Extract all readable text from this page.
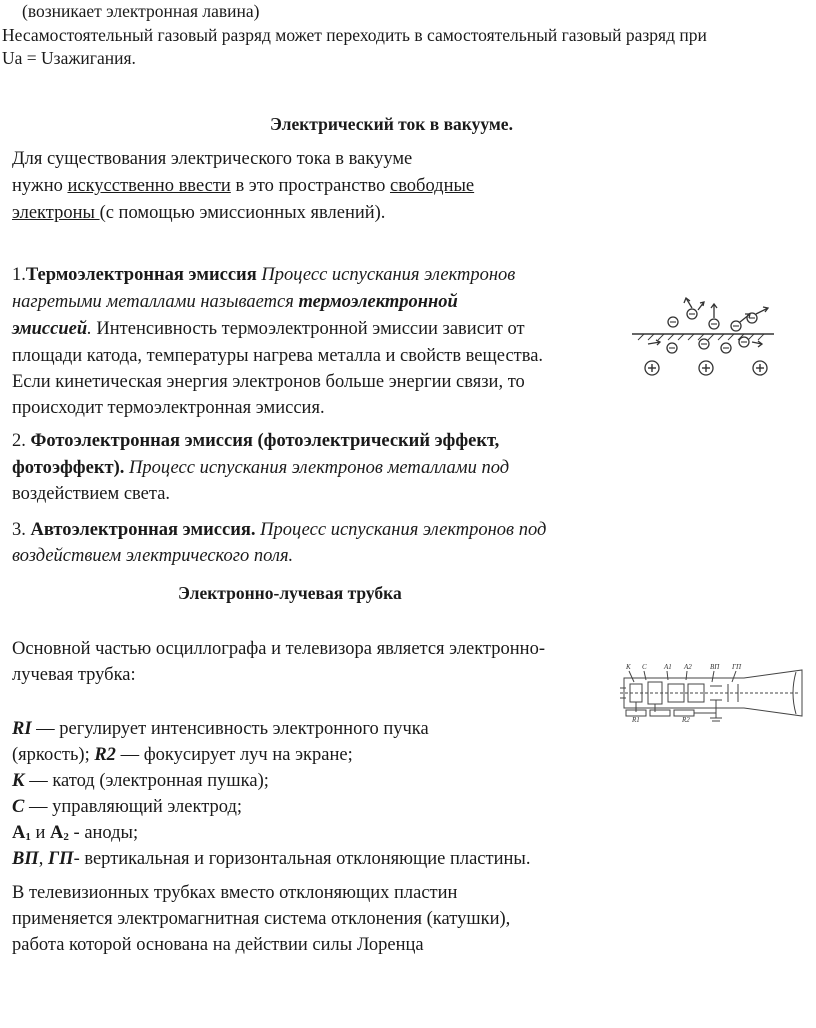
(возникает электронная лавина)
Несамостоятельный газовый разряд может переходить в самостоятельный газовый разряд при
Uа = Uзажигания.
Электрический ток в вакууме.
Для существования электрического тока в вакууме
нужно искусственно ввести в это пространство свободные
электроны (с помощью эмиссионных явлений).
1.Термоэлектронная эмиссия Процесс испускания электронов
нагретыми металлами называется термоэлектронной
эмиссией. Интенсивность термоэлектронной эмиссии зависит от
площади катода, температуры нагрева металла и свойств вещества.
Если кинетическая энергия электронов больше энергии связи, то
происходит термоэлектронная эмиссия.
2. Фотоэлектронная эмиссия (фотоэлектрический эффект,
фотоэффект). Процесс испускания электронов металлами под
воздействием света.
3. Автоэлектронная эмиссия. Процесс испускания электронов под
воздействием электрического поля.
Электронно-лучевая трубка
Основной частью осциллографа и телевизора является электронно-
лучевая трубка:	К С А1 А2	ВП ГП
R1	R2
RI — регулирует интенсивность электронного пучка
(яркость); R2 — фокусирует луч на экране;
К — катод (электронная пушка);
С — управляющий электрод;
$А_1$ и $А_2$ - аноды;
ВП, ГП- вертикальная и горизонтальная отклоняющие пластины.
В телевизионных трубках вместо отклоняющих пластин
применяется электромагнитная система отклонения (катушки),
работа которой основана на действии силы Лоренца
